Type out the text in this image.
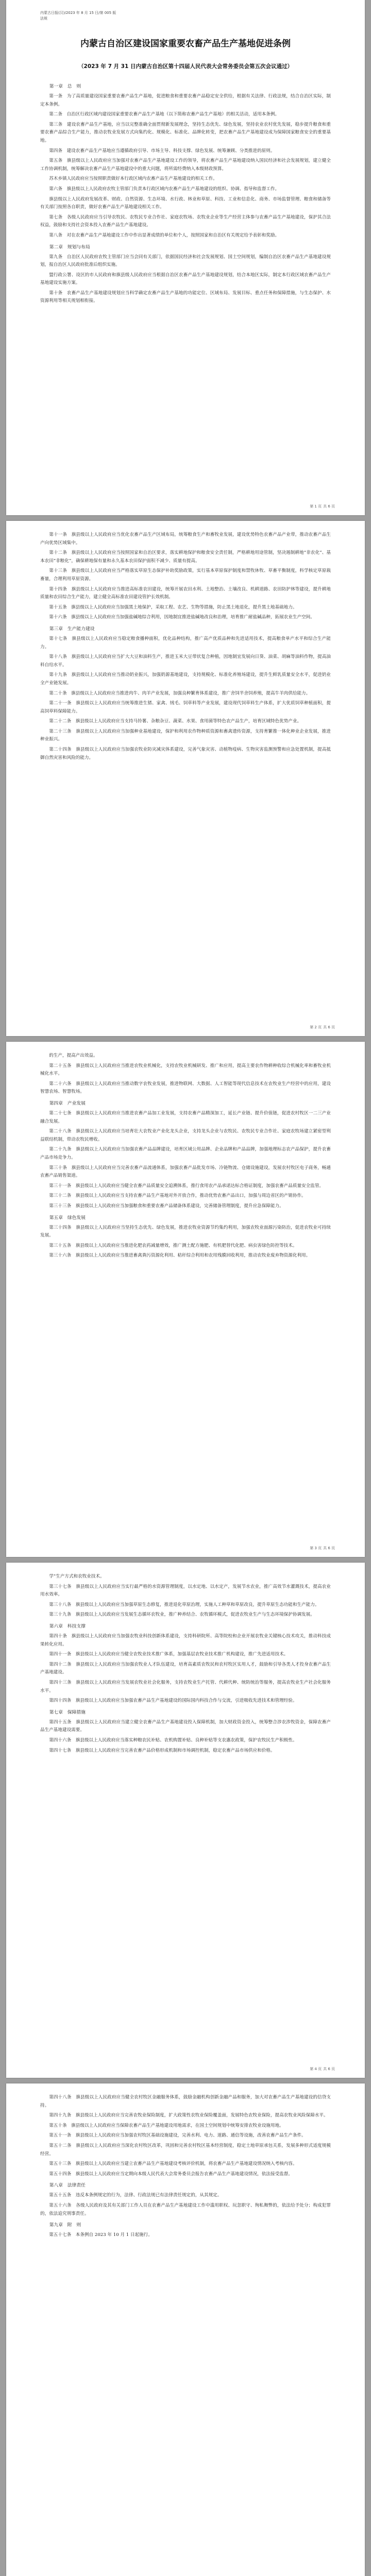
内蒙古日报(汉)/2023 年 8 月 15 日/第 005 版
法规
内蒙古自治区建设国家重要农畜产品生产基地促进条例
（2023 年 7 月 31 日内蒙古自治区第十四届人民代表大会常务委员会第五次会议通过）

第一章　总　则

第一条　为了高质量建设国家重要农畜产品生产基地，促进粮食和重要农畜产品稳定安全供给，根据有关法律、行政法规，结合自治区实际，制定本条例。

第二条　自治区行政区域内建设国家重要农畜产品生产基地（以下简称农畜产品生产基地）的相关活动，适用本条例。

第三条　建设农畜产品生产基地，应当以完整准确全面贯彻新发展理念，坚持生态优先、绿色发展，坚持农业农村优先发展，稳步提升粮食和重要农畜产品综合生产能力，推动农牧业发展方式向集约化、规模化、标准化、品牌化转变，把农畜产品生产基地建设成为保障国家粮食安全的重要基地。

第四条　建设农畜产品生产基地应当遵循政府引导、市场主导、科技支撑、绿色发展、统筹兼顾、分类推进的原则。

第五条　旗县级以上人民政府应当加强对农畜产品生产基地建设工作的领导，将农畜产品生产基地建设纳入国民经济和社会发展规划，建立健全工作协调机制，统筹解决农畜产品生产基地建设中的重大问题，将所需经费纳入本级财政预算。

苏木乡镇人民政府应当按照职责做好本行政区域内农畜产品生产基地建设的相关工作。

第六条　旗县级以上人民政府农牧主管部门负责本行政区域内农畜产品生产基地建设的组织、协调、指导和监督工作。

旗县级以上人民政府发展改革、财政、自然资源、生态环境、水行政、林业和草原、科技、工业和信息化、商务、市场监督管理、粮食和储备等有关部门按照各自职责，做好农畜产品生产基地建设相关工作。

第七条　各级人民政府应当引导农牧民、农牧民专业合作社、家庭农牧场、农牧业企业等生产经营主体参与农畜产品生产基地建设，保护其合法权益，鼓励和支持社会资本投入农畜产品生产基地建设。

第八条　对在农畜产品生产基地建设工作中作出显著成绩的单位和个人，按照国家和自治区有关规定给予表彰和奖励。

第二章　规划与布局

第九条　自治区人民政府农牧主管部门应当会同有关部门，依据国民经济和社会发展规划、国土空间规划，编制自治区农畜产品生产基地建设规划，报自治区人民政府批准后组织实施。

盟行政公署、设区的市人民政府和旗县级人民政府应当根据自治区农畜产品生产基地建设规划，结合本地区实际，制定本行政区域农畜产品生产基地建设实施方案。

第十条　农畜产品生产基地建设规划应当科学确定农畜产品生产基地的功能定位、区域布局、发展目标、重点任务和保障措施，与生态保护、水资源利用等相关规划相衔接。

第 1 页 共 6 页

第十一条　旗县级以上人民政府应当优化农畜产品生产区域布局，统筹粮食生产和畜牧业发展，建设优势特色农畜产品产业带，推动农畜产品生产向优势区域集中。

第十二条　旗县级以上人民政府应当按照国家和自治区要求，落实耕地保护和粮食安全责任制，严格耕地用途管制，坚决遏制耕地“非农化”、基本农田“非粮化”，确保耕地保有量和永久基本农田保护面积不减少、质量有提高。

第十三条　旗县级以上人民政府应当严格落实草原生态保护补助奖励政策，实行基本草原保护制度和禁牧休牧、草畜平衡制度，科学核定草原载畜量，合理利用草原资源。

第十四条　旗县级以上人民政府应当推进高标准农田建设，统筹开展农田水利、土地整治、土壤改良、机耕道路、农田防护林等建设，提升耕地质量和农田综合生产能力，建立健全高标准农田建设管护长效机制。

第十五条　旗县级以上人民政府应当加强黑土地保护，采取工程、农艺、生物等措施，防止黑土地退化，提升黑土地基础地力。

第十六条　旗县级以上人民政府应当加强盐碱地综合利用，因地制宜推进盐碱地改良和治理，培育推广耐盐碱品种，拓展农业生产空间。

第三章　生产能力建设

第十七条　旗县级以上人民政府应当稳定粮食播种面积，优化品种结构，推广高产优质品种和先进适用技术，提高粮食单产水平和综合生产能力。

第十八条　旗县级以上人民政府应当扩大大豆和油料生产，推进玉米大豆带状复合种植，因地制宜发展向日葵、油菜、胡麻等油料作物，提高油料自给水平。

第十九条　旗县级以上人民政府应当推动奶业振兴，加强奶源基地建设，支持规模化、标准化养殖场建设，提升生鲜乳质量安全水平，促进奶业全产业链发展。

第二十条　旗县级以上人民政府应当推进肉牛、肉羊产业发展，加强良种繁育体系建设，推广舍饲半舍饲养殖，提高牛羊肉供给能力。

第二十一条　旗县级以上人民政府应当统筹推进生猪、家禽、绒毛、饲草料等产业发展，建设现代饲草料生产体系，扩大优质饲草种植面积，提高饲草料保障能力。

第二十二条　旗县级以上人民政府应当支持马铃薯、杂粮杂豆、蔬菜、水果、食用菌等特色农产品生产，培育区域特色优势产业。

第二十三条　旗县级以上人民政府应当加强种业基地建设，保护和利用农作物种质资源和畜禽遗传资源，支持育繁推一体化种业企业发展，推进种业振兴。

第二十四条　旗县级以上人民政府应当加强农牧业防灾减灾体系建设，完善气象灾害、动植物疫病、生物灾害监测预警和应急处置机制，提高抵御自然灾害和风险的能力。

第 2 页 共 6 页

的生产，提高产出效益。

第二十五条　旗县级以上人民政府应当推进农牧业机械化，支持农牧业机械研发、推广和应用，提高主要农作物耕种收综合机械化率和畜牧业机械化水平。

第二十六条　旗县级以上人民政府应当推动数字农牧业发展，推进物联网、大数据、人工智能等现代信息技术在农牧业生产经营中的应用，建设智慧农场、智慧牧场。

第四章　产业发展

第二十七条　旗县级以上人民政府应当推进农畜产品加工业发展，支持农畜产品精深加工，延长产业链、提升价值链，促进农村牧区一二三产业融合发展。

第二十八条　旗县级以上人民政府应当培育壮大农牧业产业化龙头企业，支持龙头企业与农牧民、农牧民专业合作社、家庭农牧场建立紧密型利益联结机制，带动农牧民增收。

第二十九条　旗县级以上人民政府应当加强农畜产品品牌建设，培育区域公用品牌、企业品牌和产品品牌，加强地理标志农产品保护，提升农畜产品市场竞争力。

第三十条　旗县级以上人民政府应当完善农畜产品流通体系，加强农畜产品批发市场、冷链物流、仓储设施建设，发展农村牧区电子商务，畅通农畜产品销售渠道。

第三十一条　旗县级以上人民政府应当健全农畜产品质量安全追溯体系，推行食用农产品承诺达标合格证制度，加强农畜产品质量安全监管。

第三十二条　旗县级以上人民政府应当支持农畜产品生产基地对外开放合作，推动优势农畜产品出口，加强与周边省区的产销协作。

第三十三条　旗县级以上人民政府应当加强粮食和重要农畜产品储备体系建设，完善储备管理制度，提升应急保障能力。

第五章　绿色发展

第三十四条　旗县级以上人民政府应当坚持生态优先、绿色发展，推进农牧业资源节约集约利用，加强农牧业面源污染防治，促进农牧业可持续发展。

第三十五条　旗县级以上人民政府应当推进化肥农药减量增效，推广测土配方施肥、有机肥替代化肥、病虫害绿色防控等技术。

第三十六条　旗县级以上人民政府应当推进畜禽粪污资源化利用、秸秆综合利用和农用残膜回收利用，推动农牧业废弃物资源化利用。

第 3 页 共 6 页

学”生产方式和农牧业技术。

第三十七条　旗县级以上人民政府应当实行最严格的水资源管理制度，以水定地、以水定产，发展节水农业，推广高效节水灌溉技术，提高农业用水效率。

第三十八条　旗县级以上人民政府应当加强草原生态修复，推进退化草原治理，实施人工种草和草原改良，提升草原生态功能和生产能力。

第三十九条　旗县级以上人民政府应当发展生态循环农牧业，推广种养结合、农牧循环模式，促进农牧业生产与生态环境保护协调发展。

第六章　科技支撑

第四十条　旗县级以上人民政府应当加强农牧业科技创新体系建设，支持科研院所、高等院校和企业开展农牧业关键核心技术攻关，推动科技成果转化应用。

第四十一条　旗县级以上人民政府应当健全农牧业技术推广体系，加强基层农牧业技术推广机构建设，推广先进适用技术。

第四十二条　旗县级以上人民政府应当加强农牧业人才队伍建设，培育高素质农牧民和农村牧区实用人才，鼓励和引导各类人才投身农畜产品生产基地建设。

第四十三条　旗县级以上人民政府应当发展农牧业社会化服务，支持农牧业生产托管、代耕代种、统防统治等服务，提高农牧业生产社会化服务水平。

第四十四条　旗县级以上人民政府应当加强农畜产品生产基地建设的国际国内科技合作与交流，引进吸收先进技术和管理经验。

第七章　保障措施

第四十五条　旗县级以上人民政府应当建立健全农畜产品生产基地建设投入保障机制，加大财政资金投入，统筹整合涉农涉牧资金，保障农畜产品生产基地建设需要。

第四十六条　旗县级以上人民政府应当落实种粮农民补贴、农机购置补贴、良种补贴等支农惠农政策，保护农牧民生产积极性。

第四十七条　旗县级以上人民政府应当完善农畜产品价格形成机制和市场调控机制，稳定农畜产品市场供应和价格。

第 4 页 共 6 页

第四十八条　旗县级以上人民政府应当健全农村牧区金融服务体系，鼓励金融机构创新金融产品和服务，加大对农畜产品生产基地建设的信贷支持。

第四十九条　旗县级以上人民政府应当完善农牧业保险制度，扩大政策性农牧业保险覆盖面，发展特色农牧业保险，提高农牧业风险保障水平。

第五十条　旗县级以上人民政府应当保障农畜产品生产基地建设用地需求，在国土空间规划中统筹安排农牧业设施用地。

第五十一条　旗县级以上人民政府应当加强农村牧区基础设施建设，完善水利、电力、道路、通信等设施，改善农畜产品生产条件。

第五十二条　旗县级以上人民政府应当深化农村牧区改革，巩固和完善农村牧区基本经营制度，稳定土地草原承包关系，发展多种形式适度规模经营。

第五十三条　旗县级以上人民政府应当建立农畜产品生产基地建设考核评价机制，将农畜产品生产基地建设情况纳入考核内容。

第五十四条　旗县级以上人民政府应当定期向本级人民代表大会常务委员会报告农畜产品生产基地建设情况，依法接受监督。

第八章　法律责任

第五十五条　违反本条例规定的行为，法律、行政法规已有法律责任规定的，从其规定。

第五十六条　各级人民政府及其有关部门工作人员在农畜产品生产基地建设工作中滥用职权、玩忽职守、徇私舞弊的，依法给予处分；构成犯罪的，依法追究刑事责任。

第九章　附　则

第五十七条　本条例自 2023 年 10 月 1 日起施行。
